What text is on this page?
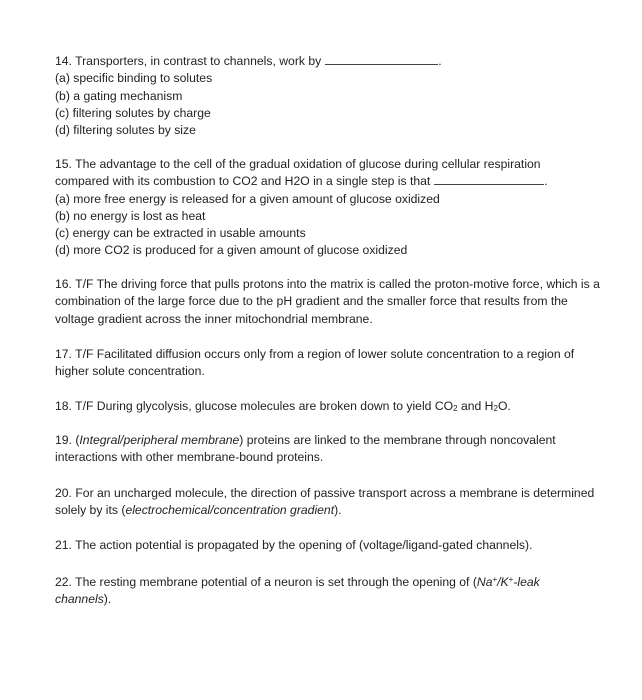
14. Transporters, in contrast to channels, work by	.
(a) specific binding to solutes
(b) a gating mechanism
(c) filtering solutes by charge
(d) filtering solutes by size
15. The advantage to the cell of the gradual oxidation of glucose during cellular respiration
compared with its combustion to CO2 and H2O in a single step is that	.
(a) more free energy is released for a given amount of glucose oxidized
(b) no energy is lost as heat
(c) energy can be extracted in usable amounts
(d) more CO2 is produced for a given amount of glucose oxidized
16. T/F The driving force that pulls protons into the matrix is called the proton-motive force, which is a combination of the large force due to the pH gradient and the smaller force that results from the voltage gradient across the inner mitochondrial membrane.
17. T/F Facilitated diffusion occurs only from a region of lower solute concentration to a region of higher solute concentration.
18. T/F During glycolysis, glucose molecules are broken down to yield $CO_2$ and $H_2O$.
19. (Integral/peripheral membrane) proteins are linked to the membrane through noncovalent interactions with other membrane-bound proteins.
20. For an uncharged molecule, the direction of passive transport across a membrane is determined solely by its (electrochemical/concentration gradient).
21. The action potential is propagated by the opening of (voltage/ligand-gated channels).
22. The resting membrane potential of a neuron is set through the opening of (Na+/K+-leak
channels).
